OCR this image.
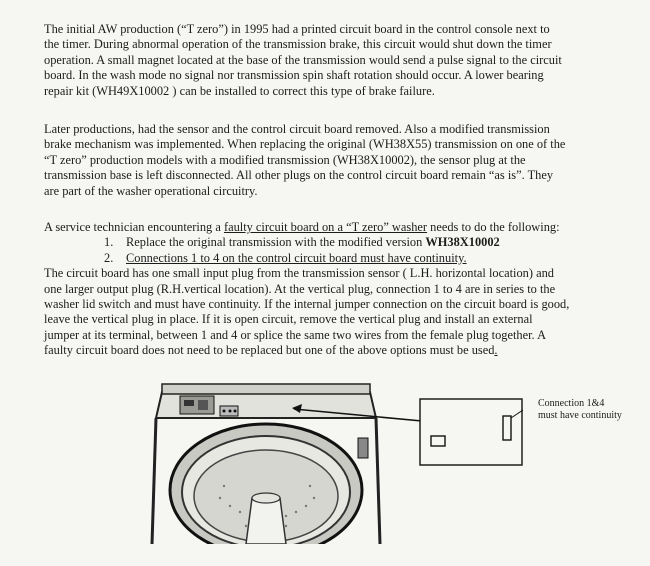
The initial AW production (“T zero”) in 1995 had a printed circuit board in the control console next to
the timer. During abnormal operation of the transmission brake, this circuit would shut down the timer
operation. A small magnet located at the base of the transmission would send a pulse signal to the circuit
board. In the wash mode no signal nor transmission spin shaft rotation should occur. A lower bearing
repair kit (WH49X10002 ) can be installed to correct this type of brake failure.

Later productions, had the sensor and the control circuit board removed. Also a modified transmission
brake mechanism was implemented. When replacing the original (WH38X55) transmission on one of the
“T zero” production models with a modified transmission (WH38X10002), the sensor plug at the
transmission base is left disconnected. All other plugs on the control circuit board remain “as is”. They
are part of the washer operational circuitry.

A service technician encountering a faulty circuit board on a “T zero” washer needs to do the following:
1. Replace the original transmission with the modified version WH38X10002
2. Connections 1 to 4 on the control circuit board must have continuity.
The circuit board has one small input plug from the transmission sensor ( L.H. horizontal location) and
one larger output plug (R.H.vertical location). At the vertical plug, connection 1 to 4 are in series to the
washer lid switch and must have continuity. If the internal jumper connection on the circuit board is good,
leave the vertical plug in place. If it is open circuit, remove the vertical plug and install an external
jumper at its terminal, between 1 and 4 or splice the same two wires from the female plug together. A
faulty circuit board does not need to be replaced but one of the above options must be used.
Connection 1&4
must have continuity
